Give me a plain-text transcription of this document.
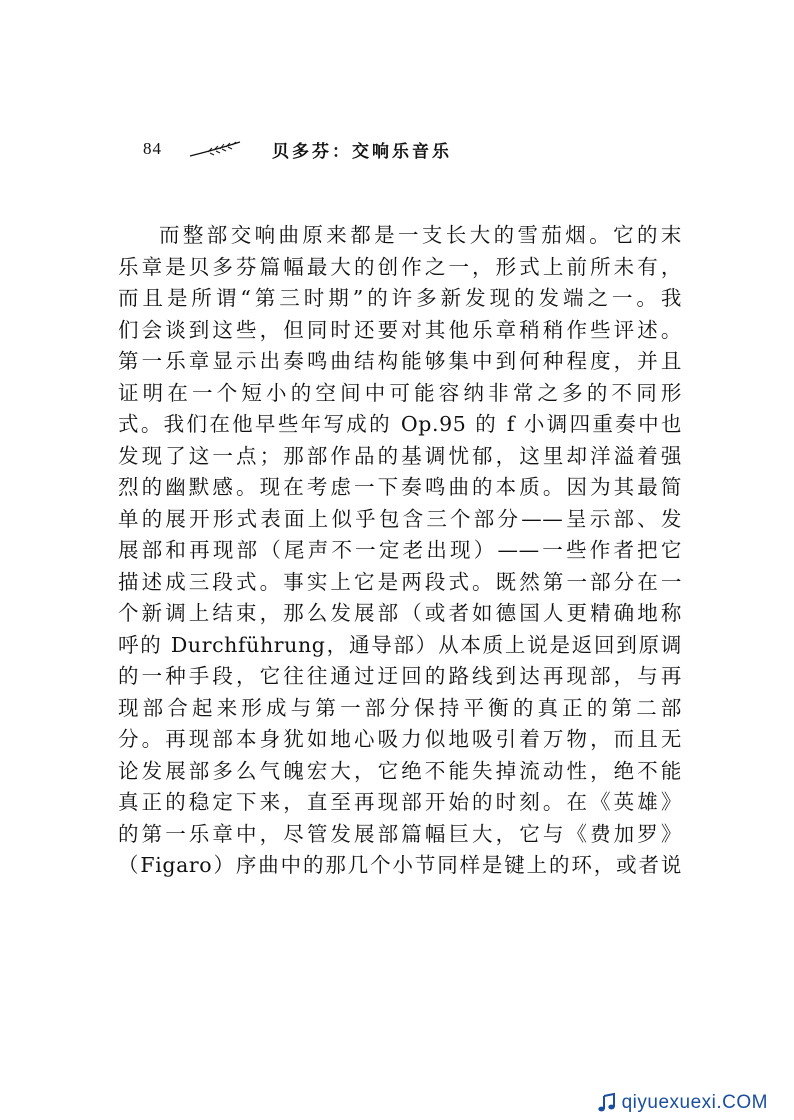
84	贝多芬：交响乐音乐
而整部交响曲原来都是一支长大的雪茄烟。它的末
乐章是贝多芬篇幅最大的创作之一，形式上前所未有，
而且是所谓“第三时期”的许多新发现的发端之一。我
们会谈到这些，但同时还要对其他乐章稍稍作些评述。
第一乐章显示出奏鸣曲结构能够集中到何种程度，并且
证明在一个短小的空间中可能容纳非常之多的不同形
式。我们在他早些年写成的 Op.95 的 f 小调四重奏中也
发现了这一点；那部作品的基调忧郁，这里却洋溢着强
烈的幽默感。现在考虑一下奏鸣曲的本质。因为其最简
单的展开形式表面上似乎包含三个部分——呈示部、发
展部和再现部（尾声不一定老出现）——一些作者把它
描述成三段式。事实上它是两段式。既然第一部分在一
个新调上结束，那么发展部（或者如德国人更精确地称
呼的 Durchführung，通导部）从本质上说是返回到原调
的一种手段，它往往通过迂回的路线到达再现部，与再
现部合起来形成与第一部分保持平衡的真正的第二部
分。再现部本身犹如地心吸力似地吸引着万物，而且无
论发展部多么气魄宏大，它绝不能失掉流动性，绝不能
真正的稳定下来，直至再现部开始的时刻。在《英雄》
的第一乐章中，尽管发展部篇幅巨大，它与《费加罗》
（Figaro）序曲中的那几个小节同样是键上的环，或者说
qiyuexuexi.COM
